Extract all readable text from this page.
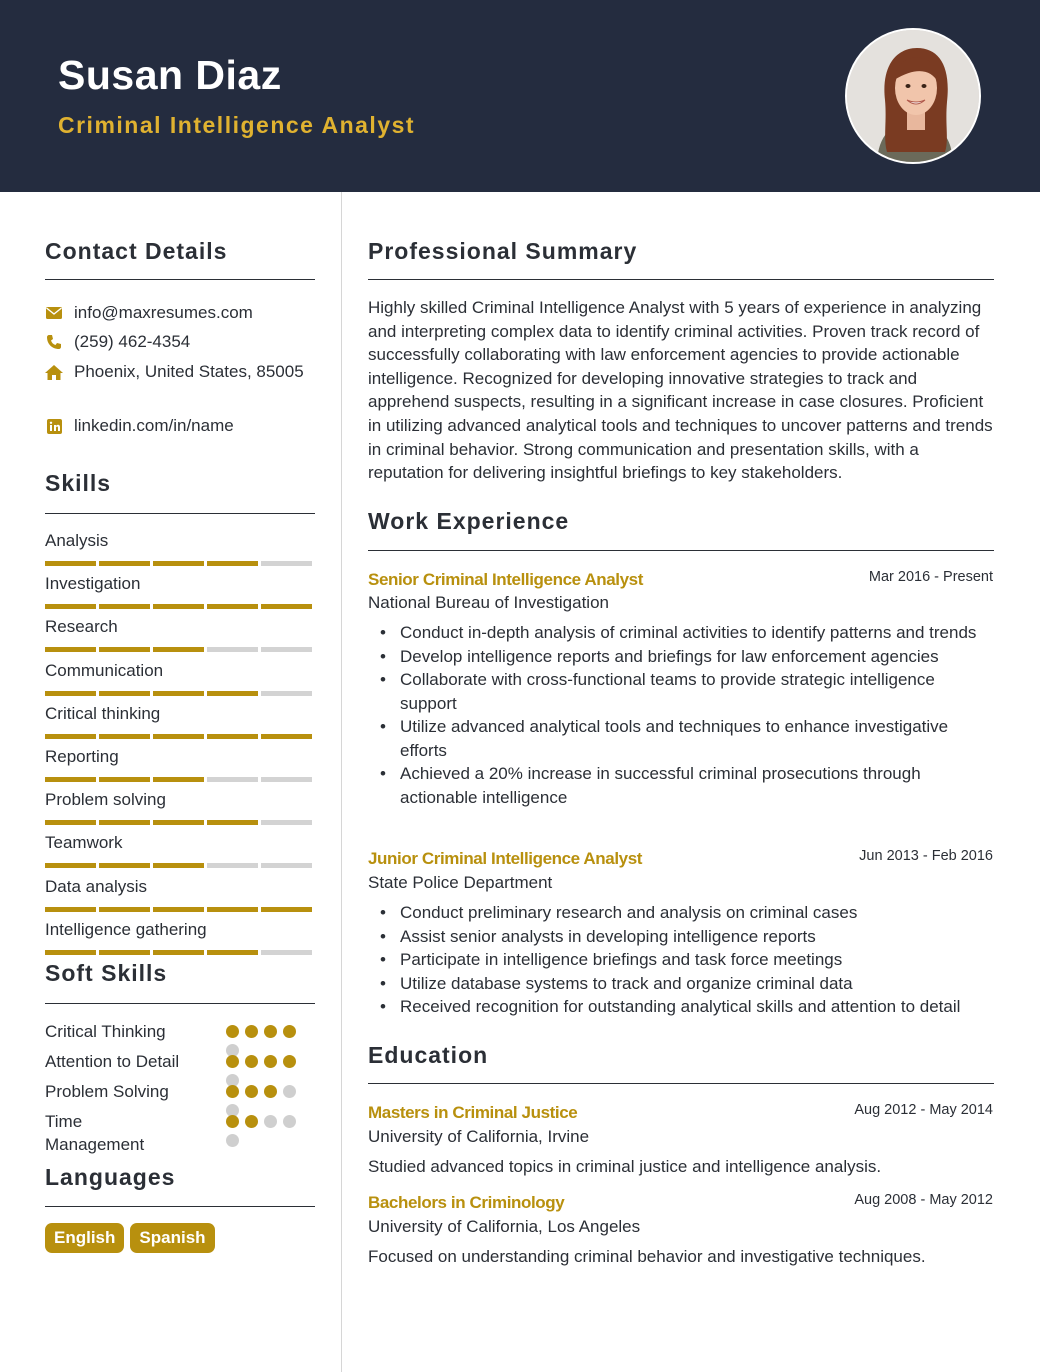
Susan Diaz
Criminal Intelligence Analyst
Contact Details
info@maxresumes.com
(259) 462-4354
Phoenix, United States, 85005
linkedin.com/in/name
Skills
Analysis
Investigation
Research
Communication
Critical thinking
Reporting
Problem solving
Teamwork
Data analysis
Intelligence gathering
Soft Skills
Critical Thinking
Attention to Detail
Problem Solving
Time Management
Languages
English	Spanish
Professional Summary
Highly skilled Criminal Intelligence Analyst with 5 years of experience in analyzing and interpreting complex data to identify criminal activities. Proven track record of successfully collaborating with law enforcement agencies to provide actionable intelligence. Recognized for developing innovative strategies to track and apprehend suspects, resulting in a significant increase in case closures. Proficient in utilizing advanced analytical tools and techniques to uncover patterns and trends in criminal behavior. Strong communication and presentation skills, with a reputation for delivering insightful briefings to key stakeholders.
Work Experience
Senior Criminal Intelligence Analyst	Mar 2016 - Present
National Bureau of Investigation
• Conduct in-depth analysis of criminal activities to identify patterns and trends
• Develop intelligence reports and briefings for law enforcement agencies
• Collaborate with cross-functional teams to provide strategic intelligence support
• Utilize advanced analytical tools and techniques to enhance investigative efforts
• Achieved a 20% increase in successful criminal prosecutions through actionable intelligence
Junior Criminal Intelligence Analyst	Jun 2013 - Feb 2016
State Police Department
• Conduct preliminary research and analysis on criminal cases
• Assist senior analysts in developing intelligence reports
• Participate in intelligence briefings and task force meetings
• Utilize database systems to track and organize criminal data
• Received recognition for outstanding analytical skills and attention to detail
Education
Masters in Criminal Justice	Aug 2012 - May 2014
University of California, Irvine
Studied advanced topics in criminal justice and intelligence analysis.
Bachelors in Criminology	Aug 2008 - May 2012
University of California, Los Angeles
Focused on understanding criminal behavior and investigative techniques.
